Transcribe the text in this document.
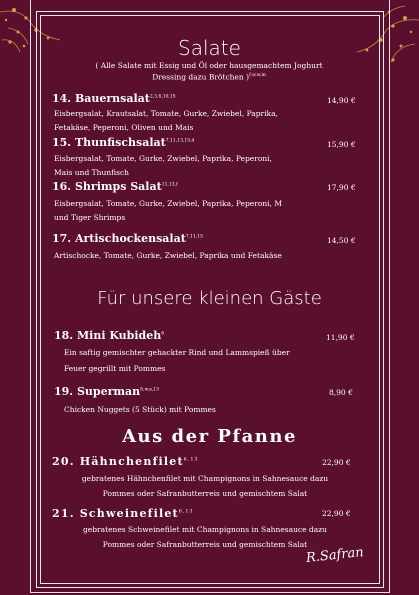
Salate
( Alle Salate mit Essig und Öl oder hausgemachtem Joghurt Dressing dazu Brötchen )$^{f,w,w,m}$
14. Bauernsalat$^{2,3,6,10,15}$	14,90 €
Eisbergsalat, Krautsalat, Tomate, Gurke, Zwiebel, Paprika,
Fetakäse, Peperoni, Oliven und Mais
15. Thunfischsalat$^{7,11,13,15,d}$	15,90 €
Eisbergsalat, Tomate, Gurke, Zwiebel, Paprika, Peperoni,
Mais und Thunfisch
16. Shrimps Salat$^{11,13,f}$	17,90 €
Eisbergsalat, Tomate, Gurke, Zwiebel, Paprika, Peperoni, M
und Tiger Shrimps
17. Artischockensalat$^{7,11,15}$	14,50 €
Artischocke, Tomate, Gurke, Zwiebel, Paprika und Fetakäse
Für unsere kleinen Gäste
18. Mini Kubideh$^6$	11,90 €
Ein saftig gemischter gehackter Rind und Lammspieß über
Feuer gegrillt mit Pommes
19. Superman$^{6,w,e,13}$	8,90 €
Chicken Nuggets (5 Stück) mit Pommes
Aus der Pfanne
20. Hähnchenfilet$^{6,13}$	22,90 €
gebratenes Hähnchenfilet mit Champignons in Sahnesauce dazu
Pommes oder Safranbutterreis und gemischtem Salat
21. Schweinefilet$^{6,13}$	22,90 €
gebratenes Schweinefilet mit Champignons in Sahnesauce dazu
Pommes oder Safranbutterreis und gemischtem Salat
R.Safran
